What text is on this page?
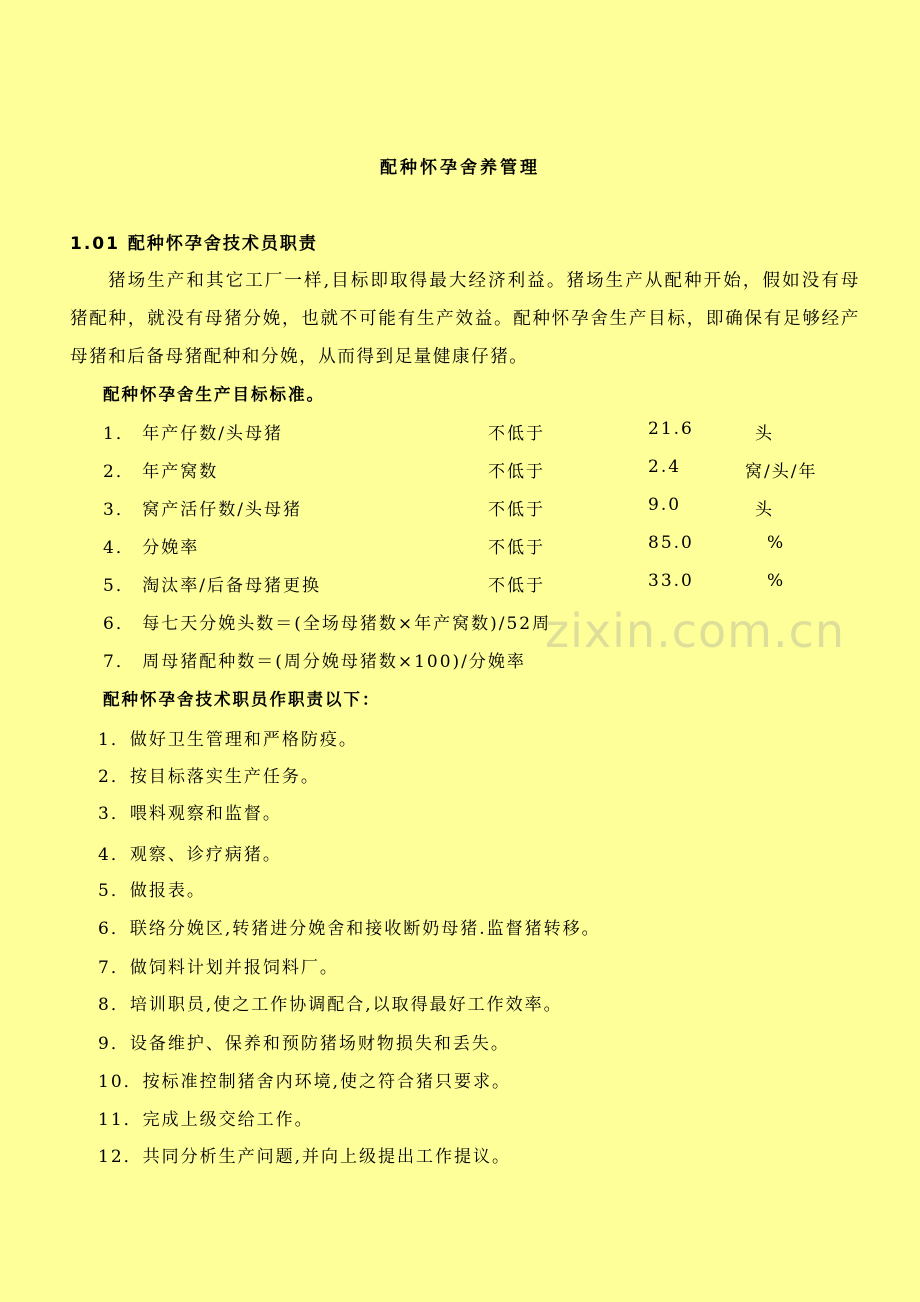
配种怀孕舍养管理
1.01 配种怀孕舍技术员职责
猪场生产和其它工厂一样,目标即取得最大经济利益。猪场生产从配种开始，假如没有母猪配种，就没有母猪分娩，也就不可能有生产效益。配种怀孕舍生产目标，即确保有足够经产母猪和后备母猪配种和分娩，从而得到足量健康仔猪。
配种怀孕舍生产目标标准。
1． 年产仔数/头母猪	不低于	21.6	头
2． 年产窝数	不低于	2.4	窝/头/年
3． 窝产活仔数/头母猪	不低于	9.0	头
4． 分娩率	不低于	85.0	%
5． 淘汰率/后备母猪更换	不低于	33.0	%
6． 每七天分娩头数＝(全场母猪数×年产窝数)/52周
7． 周母猪配种数＝(周分娩母猪数×100)/分娩率
配种怀孕舍技术职员作职责以下：
1．做好卫生管理和严格防疫。
2．按目标落实生产任务。
3．喂料观察和监督。
4．观察、诊疗病猪。
5．做报表。
6．联络分娩区,转猪进分娩舍和接收断奶母猪.监督猪转移。
7．做饲料计划并报饲料厂。
8．培训职员,使之工作协调配合,以取得最好工作效率。
9．设备维护、保养和预防猪场财物损失和丢失。
10．按标准控制猪舍内环境,使之符合猪只要求。
11．完成上级交给工作。
12．共同分析生产问题,并向上级提出工作提议。
zixin.com.cn
